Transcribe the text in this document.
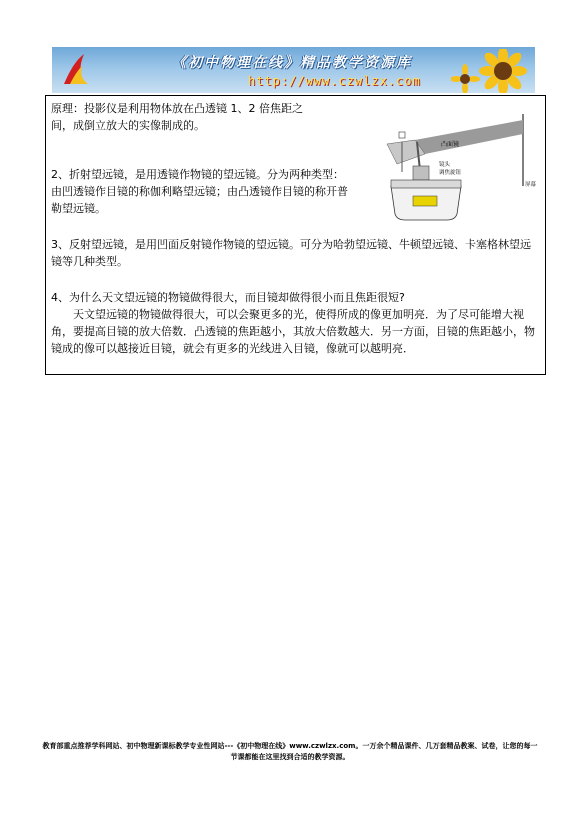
《初中物理在线》精品教学资源库
http://www.czwlzx.com

原理：投影仪是利用物体放在凸透镜 1、2 倍焦距之间，成倒立放大的实像制成的。

凸面镜
镜头
调焦旋钮
屏幕

2、折射望远镜，是用透镜作物镜的望远镜。分为两种类型：由凹透镜作目镜的称伽利略望远镜；由凸透镜作目镜的称开普勒望远镜。

3、反射望远镜，是用凹面反射镜作物镜的望远镜。可分为哈勃望远镜、牛顿望远镜、卡塞格林望远镜等几种类型。

4、为什么天文望远镜的物镜做得很大，而目镜却做得很小而且焦距很短?
天文望远镜的物镜做得很大，可以会聚更多的光，使得所成的像更加明亮．为了尽可能增大视角，要提高目镜的放大倍数．凸透镜的焦距越小，其放大倍数越大．另一方面，目镜的焦距越小，物镜成的像可以越接近目镜，就会有更多的光线进入目镜，像就可以越明亮．

教育部重点推荐学科网站、初中物理新课标教学专业性网站---《初中物理在线》www.czwlzx.com。一万余个精品课件、几万套精品教案、试卷，让您的每一节课都能在这里找到合适的教学资源。
